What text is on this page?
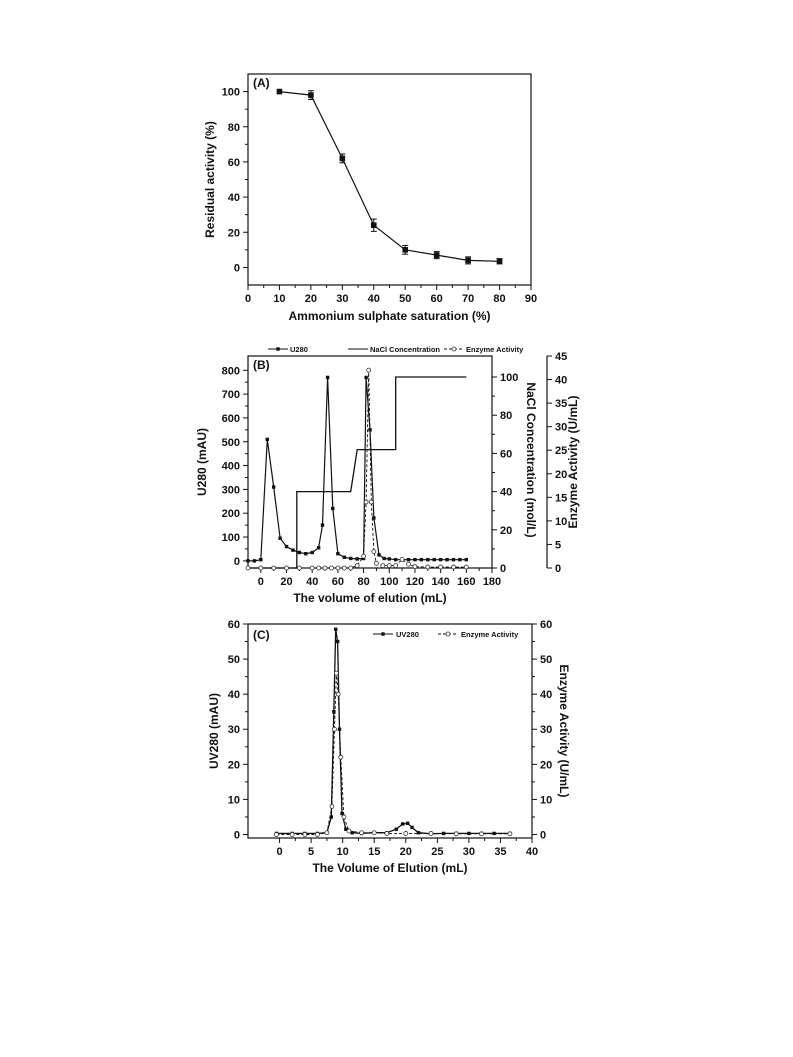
0 10 20 30 40 50 60 70 80 90
0
20
40
60
80
100
(A)
Ammonium sulphate saturation (%)
Residual activity (%)
0 20 40 60 80 100 120 140 160 180
0
100
200
300
400
500
600
700
800
0
20
40
60
80
100
0
5
10
15
20
25
30
35
40
45
(B)
The volume of elution (mL)
U280 (mAU)	NaCl Concentration (mol/L) Enzyme Activity (U/mL)
U280	NaCl Concentration	Enzyme Activity
0 5 10 15 20 25 30 35 40
0
10
20
30
40
50
60
0
10
20
30
40
50
60
(C)
The Volume of Elution (mL)
UV280 (mAU)	Enzyme Activity (U/mL)
UV280	Enzyme Activity
